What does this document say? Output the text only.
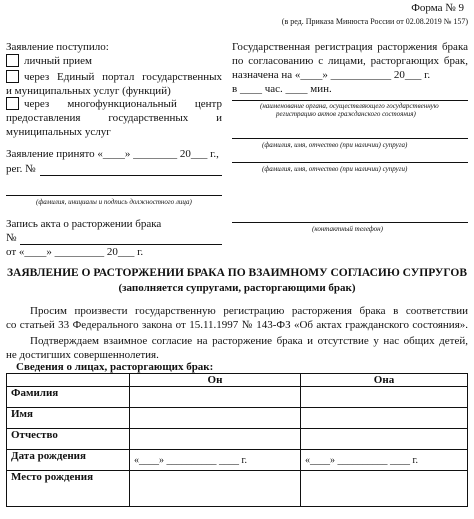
Форма № 9
(в ред. Приказа Минюста России от 02.08.2019 № 157)
Заявление поступило:
личный прием
через Единый портал государственных
и муниципальных услуг (функций)
через многофункциональный центр
предоставления государственных и
муниципальных услуг
Заявление принято «____» ________ 20___ г.,
рег. №
(фамилия, инициалы и подпись должностного лица)
Запись акта о расторжении брака
№
от «____» _________ 20___ г.
Государственная регистрация расторжения брака
по согласованию с лицами, расторгающих брак,
назначена на «____» ___________ 20___ г.
в ____ час. ____ мин.
(наименование органа, осуществляющего государственную
регистрацию актов гражданского состояния)
(фамилия, имя, отчество (при наличии) супруга)
(фамилия, имя, отчество (при наличии) супруги)
(контактный телефон)
ЗАЯВЛЕНИЕ О РАСТОРЖЕНИИ БРАКА ПО ВЗАИМНОМУ СОГЛАСИЮ СУПРУГОВ
(заполняется супругами, расторгающими брак)
Просим произвести государственную регистрацию расторжения брака в соответствии
со статьей 33 Федерального закона от 15.11.1997 № 143-ФЗ «Об актах гражданского состояния».
Подтверждаем взаимное согласие на расторжение брака и отсутствие у нас общих детей,
не достигших совершеннолетия.
Сведения о лицах, расторгающих брак:
	Он	Она
Фамилия		
Имя		
Отчество		
Дата рождения	«____» __________ ____ г.	«____» __________ ____ г.
Место рождения		
